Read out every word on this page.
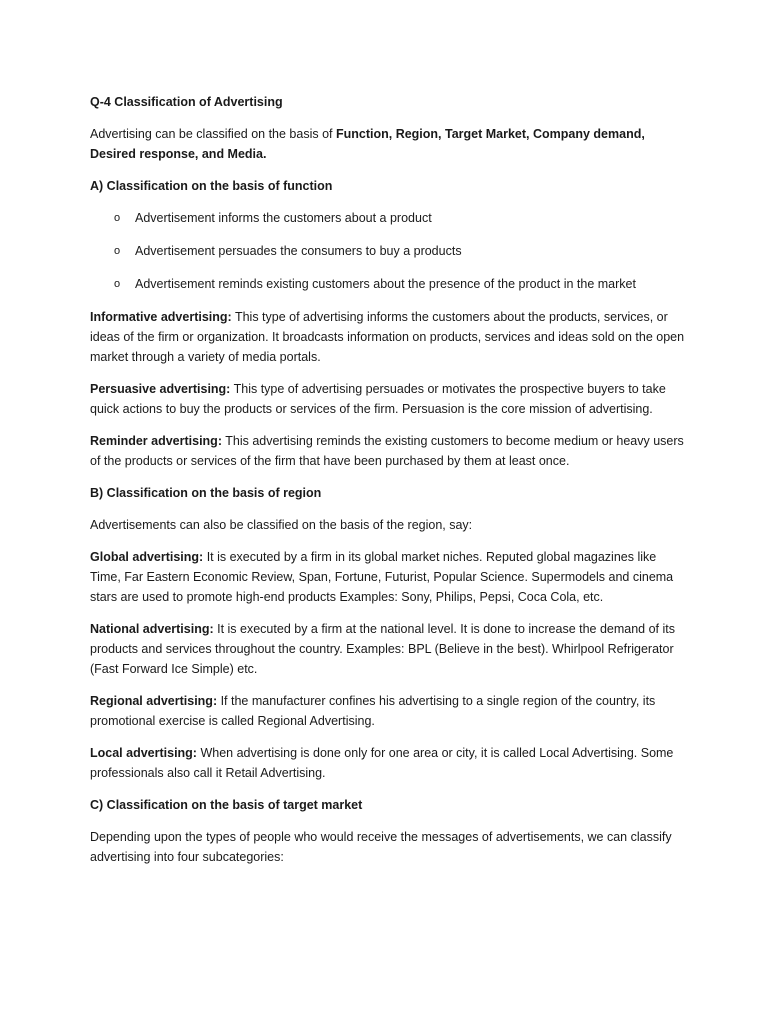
Q-4 Classification of Advertising

Advertising can be classified on the basis of Function, Region, Target Market, Company demand, Desired response, and Media.

A) Classification on the basis of function

o Advertisement informs the customers about a product
o Advertisement persuades the consumers to buy a products
o Advertisement reminds existing customers about the presence of the product in the market

Informative advertising: This type of advertising informs the customers about the products, services, or ideas of the firm or organization. It broadcasts information on products, services and ideas sold on the open market through a variety of media portals.

Persuasive advertising: This type of advertising persuades or motivates the prospective buyers to take quick actions to buy the products or services of the firm. Persuasion is the core mission of advertising.

Reminder advertising: This advertising reminds the existing customers to become medium or heavy users of the products or services of the firm that have been purchased by them at least once.

B) Classification on the basis of region

Advertisements can also be classified on the basis of the region, say:

Global advertising: It is executed by a firm in its global market niches. Reputed global magazines like Time, Far Eastern Economic Review, Span, Fortune, Futurist, Popular Science. Supermodels and cinema stars are used to promote high-end products Examples: Sony, Philips, Pepsi, Coca Cola, etc.

National advertising: It is executed by a firm at the national level. It is done to increase the demand of its products and services throughout the country. Examples: BPL (Believe in the best). Whirlpool Refrigerator (Fast Forward Ice Simple) etc.

Regional advertising: If the manufacturer confines his advertising to a single region of the country, its promotional exercise is called Regional Advertising.

Local advertising: When advertising is done only for one area or city, it is called Local Advertising. Some professionals also call it Retail Advertising.

C) Classification on the basis of target market

Depending upon the types of people who would receive the messages of advertisements, we can classify advertising into four subcategories:
